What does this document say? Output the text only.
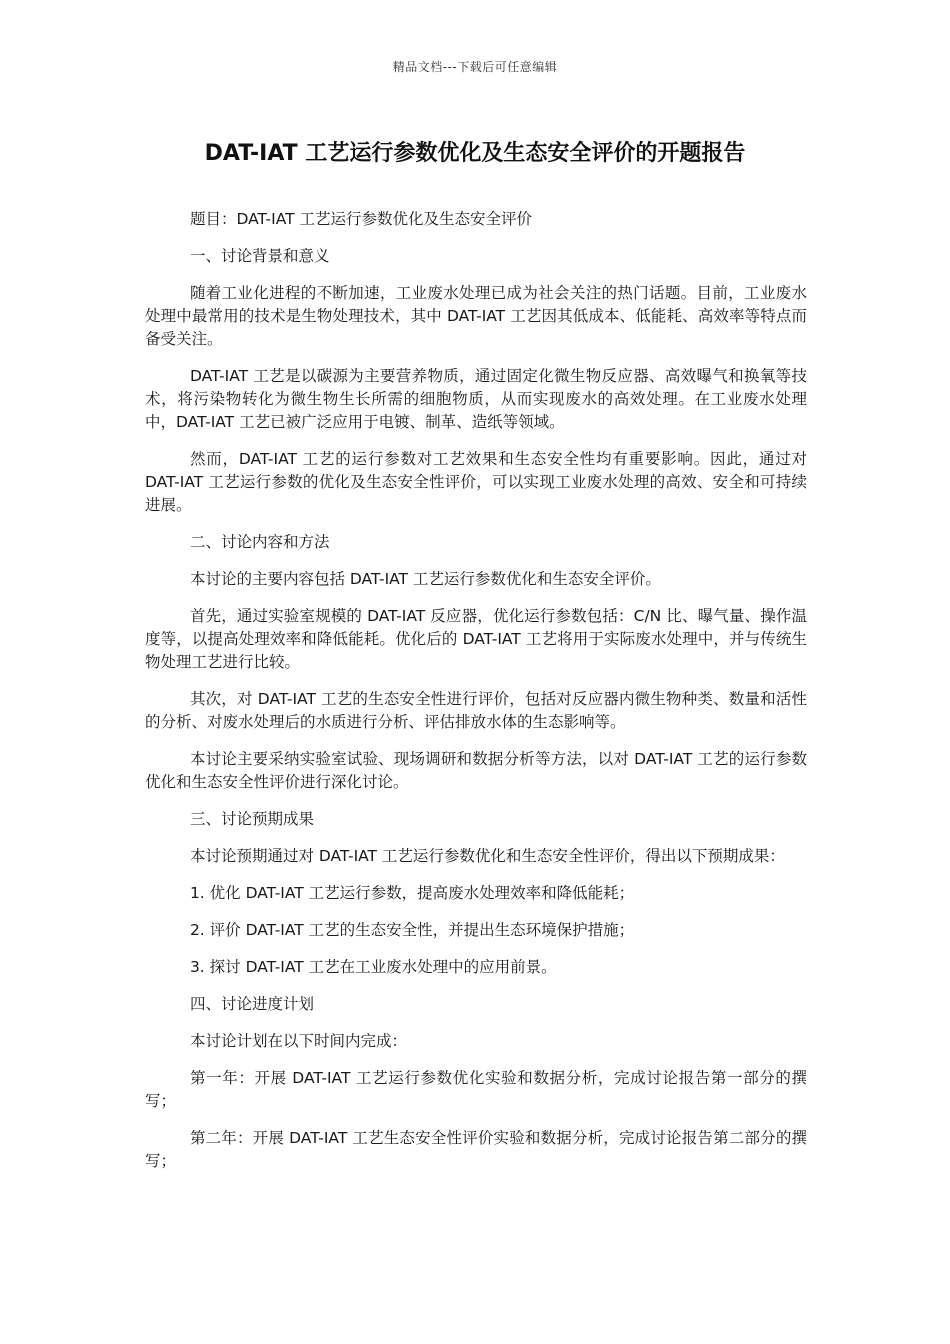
精品文档---下载后可任意编辑
DAT-IAT 工艺运行参数优化及生态安全评价的开题报告

题目：DAT-IAT 工艺运行参数优化及生态安全评价

一、讨论背景和意义

随着工业化进程的不断加速，工业废水处理已成为社会关注的热门话题。目前，工业废水处理中最常用的技术是生物处理技术，其中 DAT-IAT 工艺因其低成本、低能耗、高效率等特点而备受关注。

DAT-IAT 工艺是以碳源为主要营养物质，通过固定化微生物反应器、高效曝气和换氧等技术，将污染物转化为微生物生长所需的细胞物质，从而实现废水的高效处理。在工业废水处理中，DAT-IAT 工艺已被广泛应用于电镀、制革、造纸等领域。

然而，DAT-IAT 工艺的运行参数对工艺效果和生态安全性均有重要影响。因此，通过对 DAT-IAT 工艺运行参数的优化及生态安全性评价，可以实现工业废水处理的高效、安全和可持续进展。

二、讨论内容和方法

本讨论的主要内容包括 DAT-IAT 工艺运行参数优化和生态安全评价。

首先，通过实验室规模的 DAT-IAT 反应器，优化运行参数包括：C/N 比、曝气量、操作温度等，以提高处理效率和降低能耗。优化后的 DAT-IAT 工艺将用于实际废水处理中，并与传统生物处理工艺进行比较。

其次，对 DAT-IAT 工艺的生态安全性进行评价，包括对反应器内微生物种类、数量和活性的分析、对废水处理后的水质进行分析、评估排放水体的生态影响等。

本讨论主要采纳实验室试验、现场调研和数据分析等方法，以对 DAT-IAT 工艺的运行参数优化和生态安全性评价进行深化讨论。

三、讨论预期成果

本讨论预期通过对 DAT-IAT 工艺运行参数优化和生态安全性评价，得出以下预期成果：

1. 优化 DAT-IAT 工艺运行参数，提高废水处理效率和降低能耗；

2. 评价 DAT-IAT 工艺的生态安全性，并提出生态环境保护措施；

3. 探讨 DAT-IAT 工艺在工业废水处理中的应用前景。

四、讨论进度计划

本讨论计划在以下时间内完成：

第一年：开展 DAT-IAT 工艺运行参数优化实验和数据分析，完成讨论报告第一部分的撰写；

第二年：开展 DAT-IAT 工艺生态安全性评价实验和数据分析，完成讨论报告第二部分的撰写；
